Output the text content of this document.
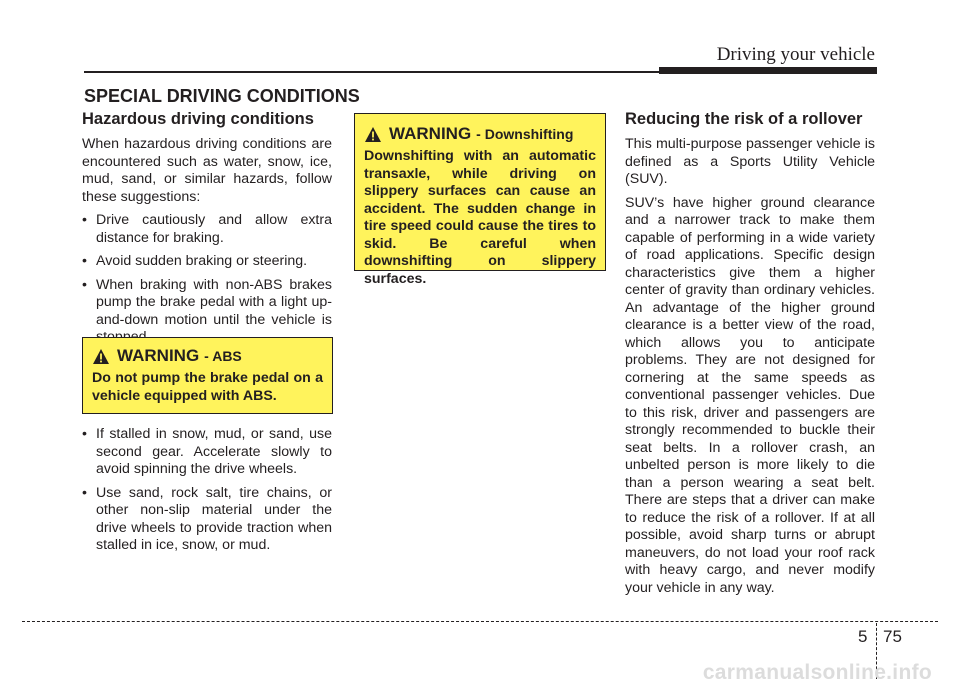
Driving your vehicle
SPECIAL DRIVING CONDITIONS
Hazardous driving conditions

When hazardous driving conditions are encountered such as water, snow, ice, mud, sand, or similar hazards, follow these suggestions:

• Drive cautiously and allow extra distance for braking.
• Avoid sudden braking or steering.
• When braking with non-ABS brakes pump the brake pedal with a light up-and-down motion until the vehicle is
WARNING - ABS
Do not pump the brake pedal on a vehicle equipped with ABS.
• If stalled in snow, mud, or sand, use second gear. Accelerate slowly to avoid spinning the drive wheels.
• Use sand, rock salt, tire chains, or other non-slip material under the drive wheels to provide traction when stalled in ice, snow, or mud.
WARNING - Downshifting
Downshifting with an automatic transaxle, while driving on slippery surfaces can cause an accident. The sudden change in tire speed could cause the tires to skid. Be careful when downshifting on slippery surfaces.
Reducing the risk of a rollover

This multi-purpose passenger vehicle is defined as a Sports Utility Vehicle (SUV).

SUV’s have higher ground clearance and a narrower track to make them capable of performing in a wide variety of road applications. Specific design characteristics give them a higher center of gravity than ordinary vehicles. An advantage of the higher ground clearance is a better view of the road, which allows you to anticipate problems. They are not designed for cornering at the same speeds as conventional passenger vehicles. Due to this risk, driver and passengers are strongly recommended to buckle their seat belts. In a rollover crash, an unbelted person is more likely to die than a person wearing a seat belt. There are steps that a driver can make to reduce the risk of a rollover. If at all possible, avoid sharp turns or abrupt maneuvers, do not load your roof rack with heavy cargo, and never modify your vehicle in any way.

5 75
carmanualsonline.info
